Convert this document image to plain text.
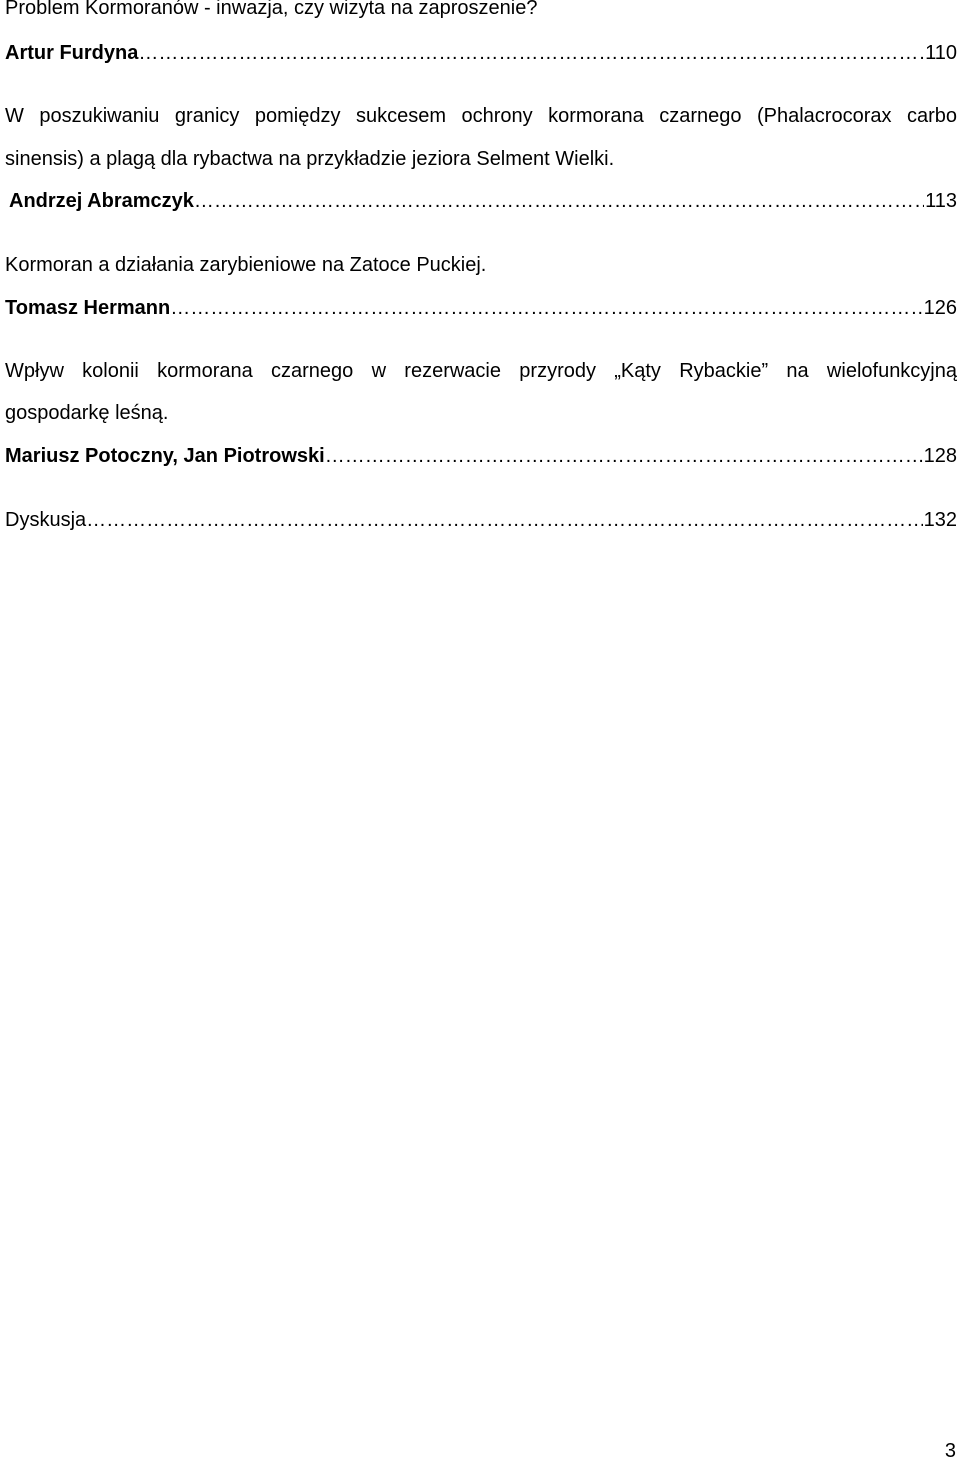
Problem Kormoranów - inwazja, czy wizyta na zaproszenie?
Artur Furdyna …………………………………………………………………………………………………………………………………………………………………………………………………………………………………………………………………	110
W poszukiwaniu granicy pomiędzy sukcesem ochrony kormorana czarnego (Phalacrocorax carbo
sinensis) a plagą dla rybactwa na przykładzie jeziora Selment Wielki.
Andrzej Abramczyk …………………………………………………………………………………………………………………………………………………………………………………………………………………………………………………………………	113
Kormoran a działania zarybieniowe na Zatoce Puckiej.
Tomasz Hermann …………………………………………………………………………………………………………………………………………………………………………………………………………………………………………………………………	126
Wpływ kolonii kormorana czarnego w rezerwacie przyrody „Kąty Rybackie” na wielofunkcyjną
gospodarkę leśną.
Mariusz Potoczny, Jan Piotrowski …………………………………………………………………………………………………………………………………………………………………………………………………………………………………………………………………	128
Dyskusja …………………………………………………………………………………………………………………………………………………………………………………………………………………………………………………………………	132
3
